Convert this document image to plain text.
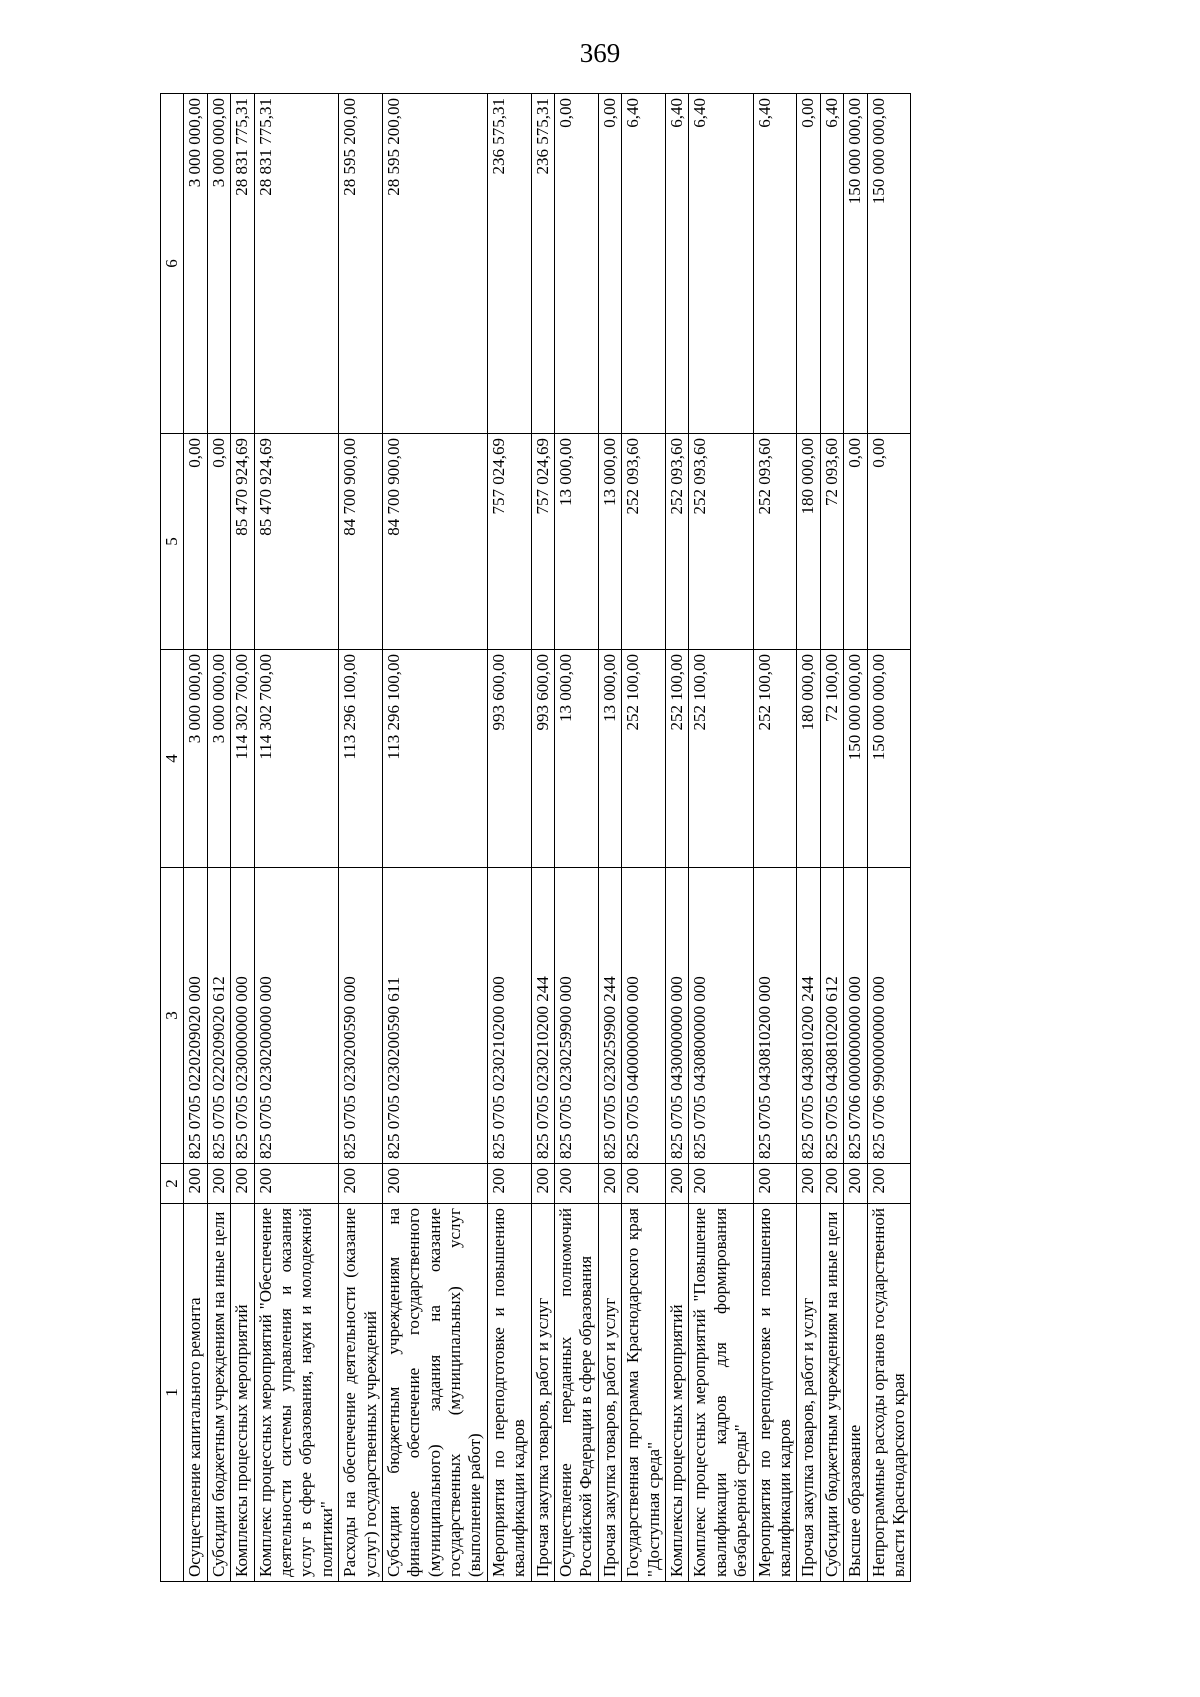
369
1	2	3	4	5	6
Осуществление капитального ремонта	200	825 0705 0220209020 000	3 000 000,00	0,00	3 000 000,00
Субсидии бюджетным учреждениям на иные цели	200	825 0705 0220209020 612	3 000 000,00	0,00	3 000 000,00
Комплексы процессных мероприятий	200	825 0705 0230000000 000	114 302 700,00	85 470 924,69	28 831 775,31
Комплекс процессных мероприятий "Обеспечение деятельности системы управления и оказания услуг в сфере образования, науки и молодежной политики"	200	825 0705 0230200000 000	114 302 700,00	85 470 924,69	28 831 775,31
Расходы на обеспечение деятельности (оказание услуг) государственных учреждений	200	825 0705 0230200590 000	113 296 100,00	84 700 900,00	28 595 200,00
Субсидии бюджетным учреждениям на финансовое обеспечение государственного (муниципального) задания на оказание государственных (муниципальных) услуг (выполнение работ)	200	825 0705 0230200590 611	113 296 100,00	84 700 900,00	28 595 200,00
Мероприятия по переподготовке и повышению квалификации кадров	200	825 0705 0230210200 000	993 600,00	757 024,69	236 575,31
Прочая закупка товаров, работ и услуг	200	825 0705 0230210200 244	993 600,00	757 024,69	236 575,31
Осуществление переданных полномочий Российской Федерации в сфере образования	200	825 0705 0230259900 000	13 000,00	13 000,00	0,00
Прочая закупка товаров, работ и услуг	200	825 0705 0230259900 244	13 000,00	13 000,00	0,00
Государственная программа Краснодарского края "Доступная среда"	200	825 0705 0400000000 000	252 100,00	252 093,60	6,40
Комплексы процессных мероприятий	200	825 0705 0430000000 000	252 100,00	252 093,60	6,40
Комплекс процессных мероприятий "Повышение квалификации кадров для формирования безбарьерной среды"	200	825 0705 0430800000 000	252 100,00	252 093,60	6,40
Мероприятия по переподготовке и повышению квалификации кадров	200	825 0705 0430810200 000	252 100,00	252 093,60	6,40
Прочая закупка товаров, работ и услуг	200	825 0705 0430810200 244	180 000,00	180 000,00	0,00
Субсидии бюджетным учреждениям на иные цели	200	825 0705 0430810200 612	72 100,00	72 093,60	6,40
Высшее образование	200	825 0706 0000000000 000	150 000 000,00	0,00	150 000 000,00
Непрограммные расходы органов государственной власти Краснодарского края	200	825 0706 9900000000 000	150 000 000,00	0,00	150 000 000,00
